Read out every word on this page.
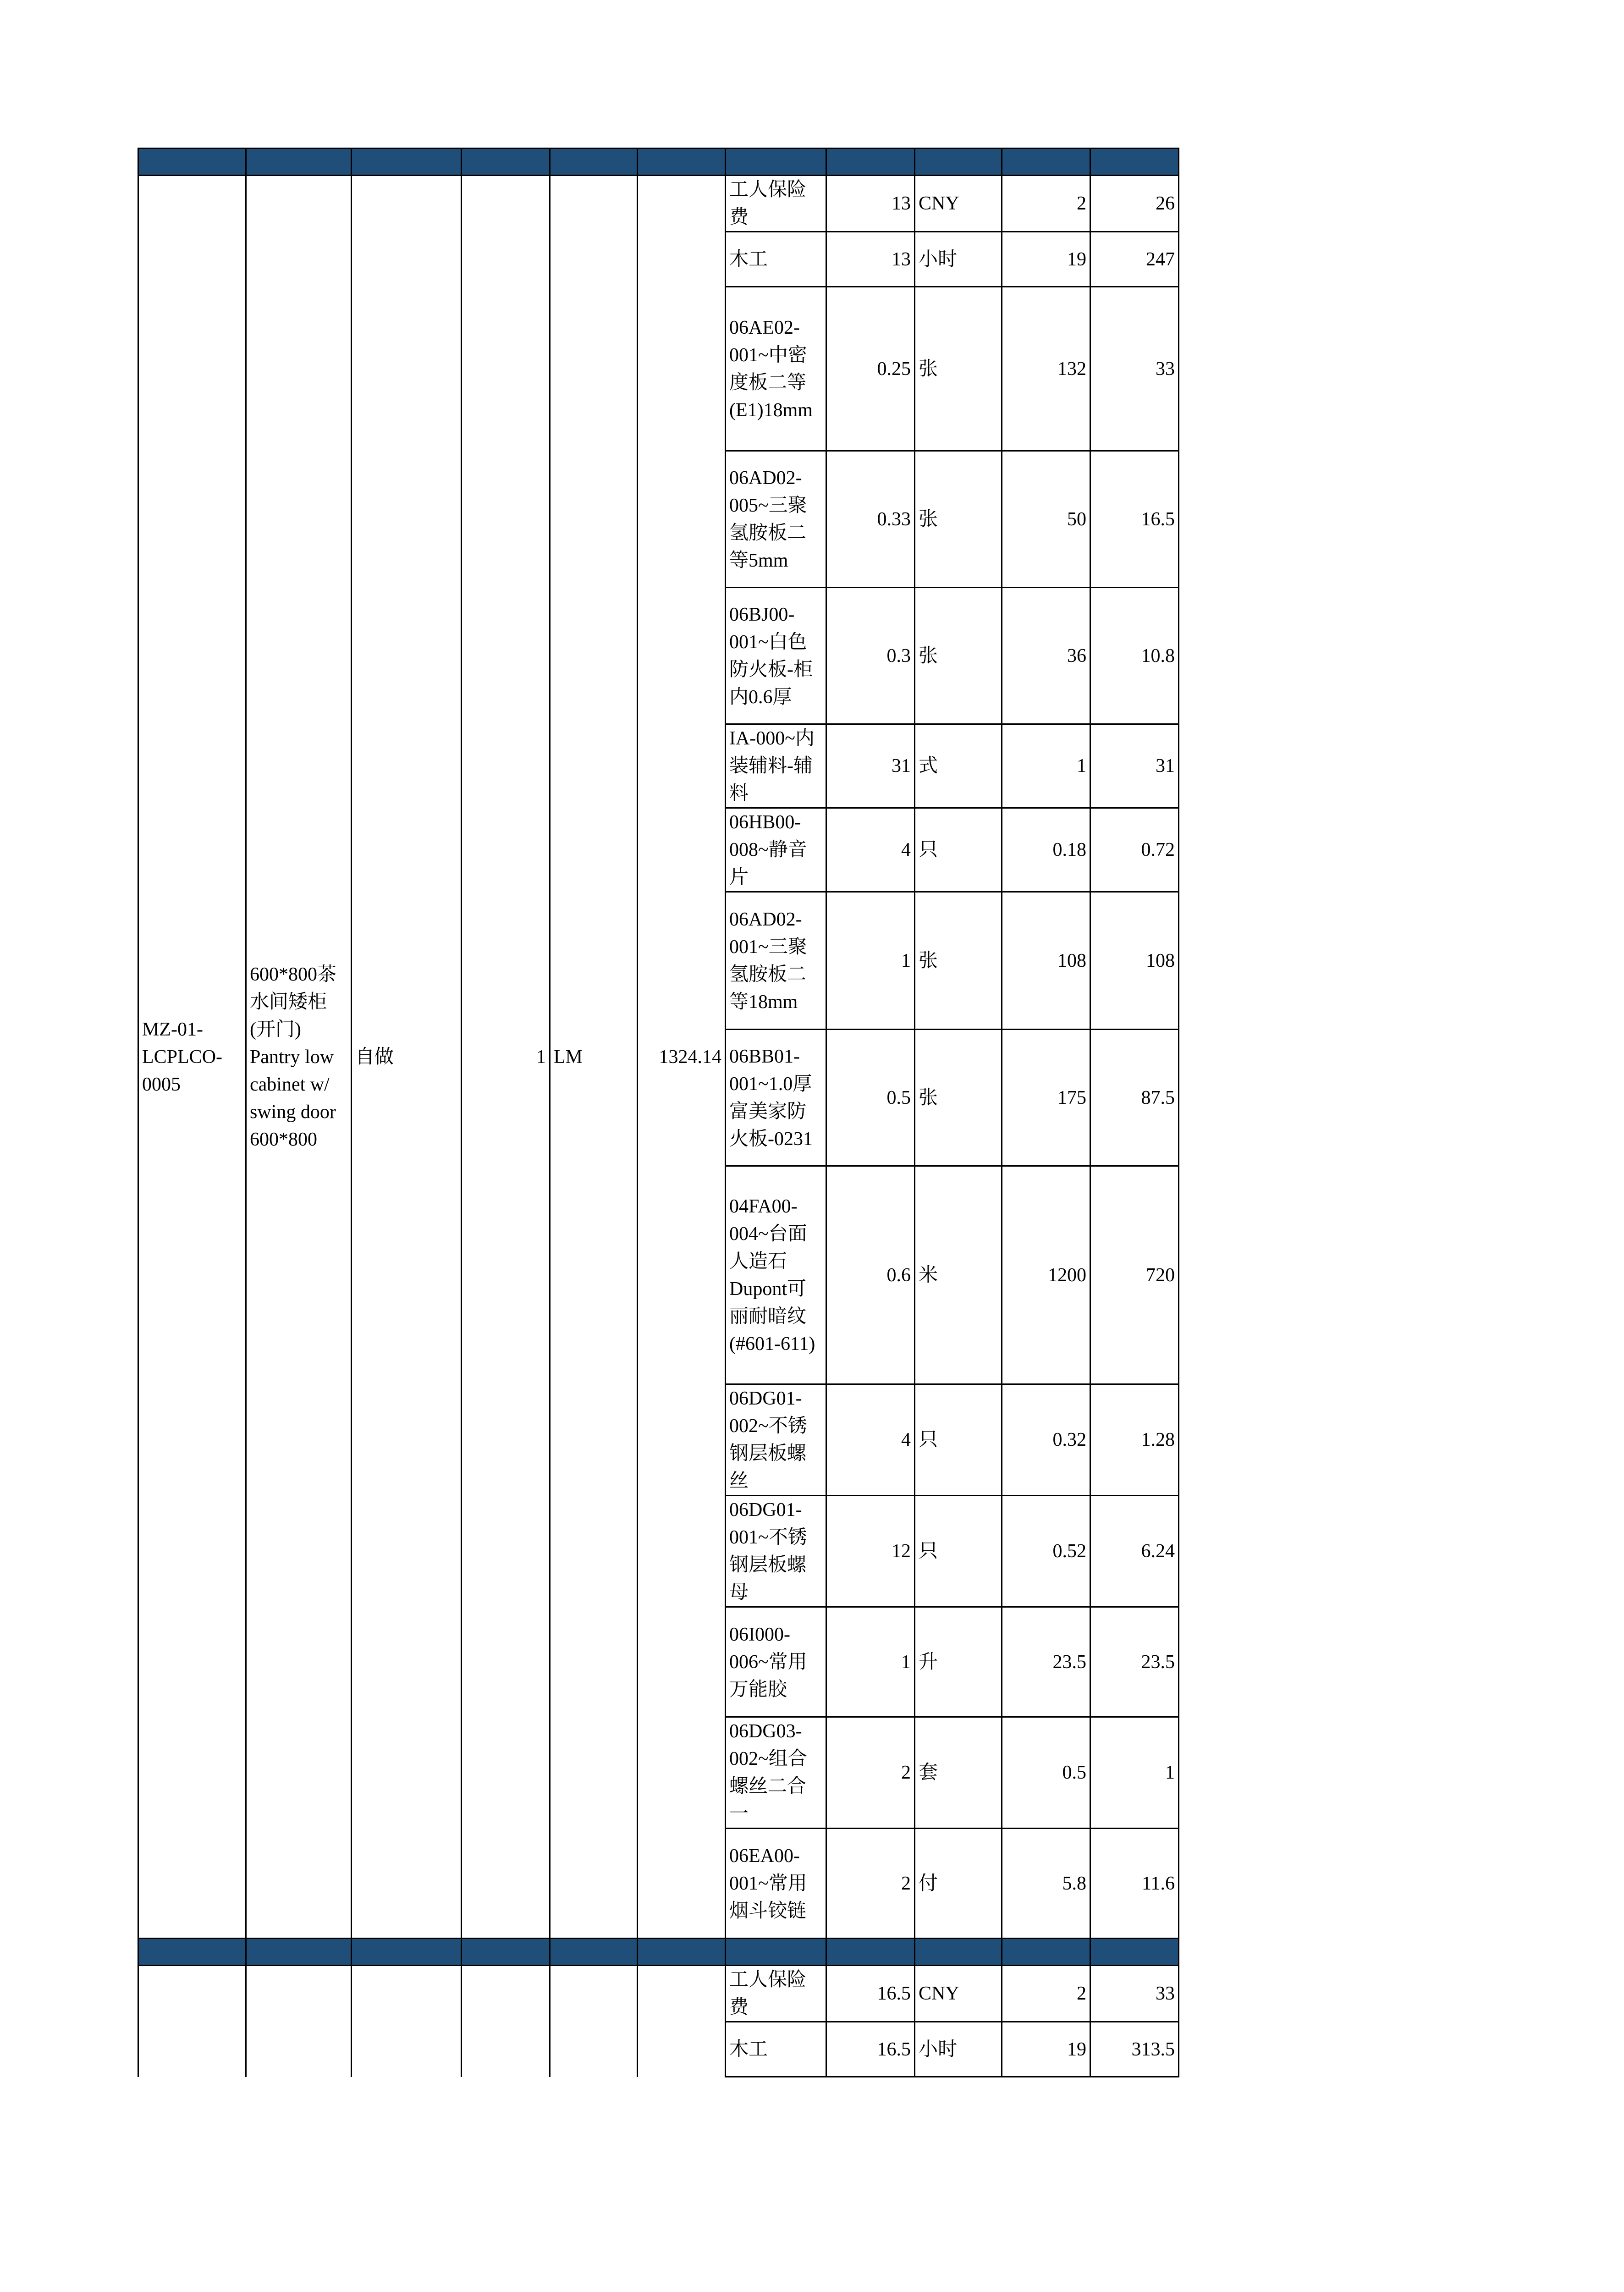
MZ-01-LCPLCO-0005	600*800茶水间矮柜(开门) Pantry low cabinet w/ swing door 600*800	自做	1	LM	1324.14	工人保险费	13	CNY	2	26
						木工	13	小时	19	247
						06AE02-001~中密度板二等(E1)18mm	0.25	张	132	33
						06AD02-005~三聚氢胺板二等5mm	0.33	张	50	16.5
						06BJ00-001~白色防火板-柜内0.6厚	0.3	张	36	10.8
						IA-000~内装辅料-辅料	31	式	1	31
						06HB00-008~静音片	4	只	0.18	0.72
						06AD02-001~三聚氢胺板二等18mm	1	张	108	108
						06BB01-001~1.0厚富美家防火板-0231	0.5	张	175	87.5
						04FA00-004~台面人造石Dupont可丽耐暗纹(#601-611)	0.6	米	1200	720
						06DG01-002~不锈钢层板螺丝	4	只	0.32	1.28
						06DG01-001~不锈钢层板螺母	12	只	0.52	6.24
						06I000-006~常用万能胶	1	升	23.5	23.5
						06DG03-002~组合螺丝二合一	2	套	0.5	1
						06EA00-001~常用烟斗铰链	2	付	5.8	11.6

						工人保险费	16.5	CNY	2	33
						木工	16.5	小时	19	313.5
